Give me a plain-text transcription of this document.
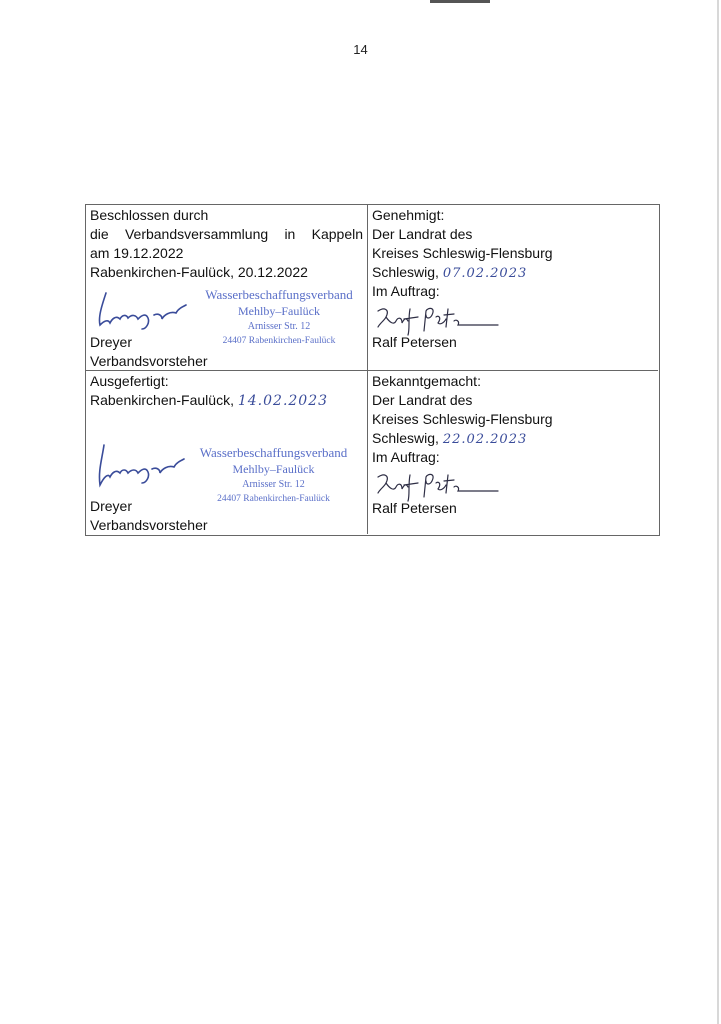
14
Beschlossen durch
die Verbandsversammlung in Kappeln
am 19.12.2022
Rabenkirchen-Faulück, 20.12.2022
Wasserbeschaffungsverband
Mehlby–Faulück
Arnisser Str. 12
24407 Rabenkirchen-Faulück
Dreyer
Verbandsvorsteher
Genehmigt:
Der Landrat des
Kreises Schleswig-Flensburg
Schleswig, 07.02.2023
Im Auftrag:
Ralf Petersen
Ausgefertigt:
Rabenkirchen-Faulück, 14.02.2023
Wasserbeschaffungsverband
Mehlby–Faulück
Arnisser Str. 12
24407 Rabenkirchen-Faulück
Dreyer
Verbandsvorsteher
Bekanntgemacht:
Der Landrat des
Kreises Schleswig-Flensburg
Schleswig, 22.02.2023
Im Auftrag:
Ralf Petersen
